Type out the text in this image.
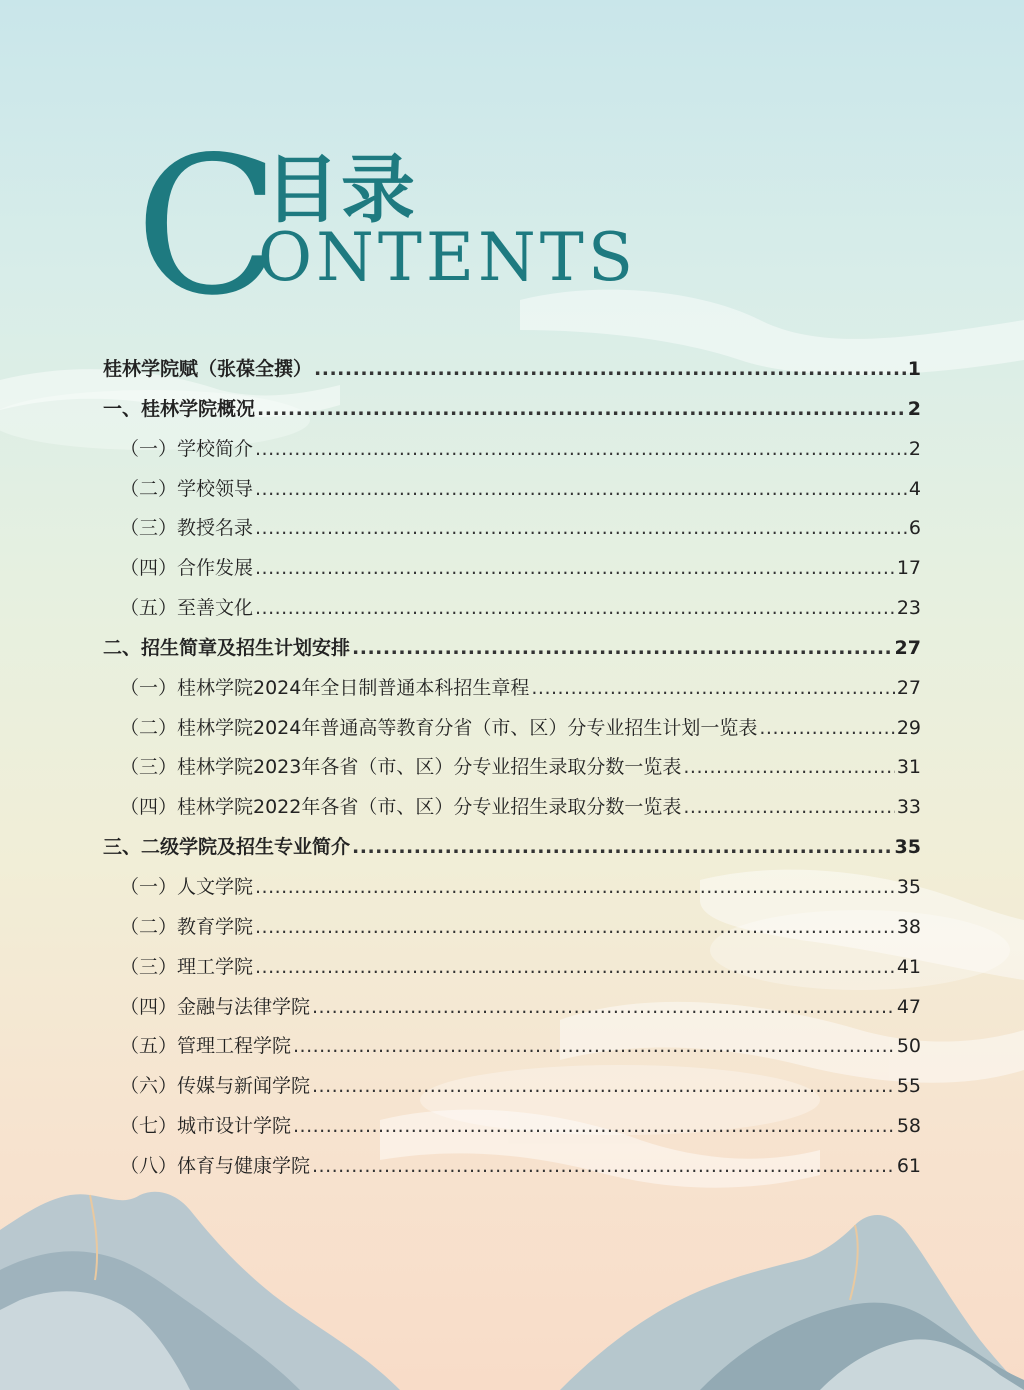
C
目录
ONTENTS
桂林学院赋（张葆全撰） .....	1
一、桂林学院概况 .....	2
（一）学校简介 .....	2
（二）学校领导 .....	4
（三）教授名录 .....	6
（四）合作发展 .....	17
（五）至善文化 .....	23
二、招生简章及招生计划安排 .....	27
（一）桂林学院2024年全日制普通本科招生章程 .....	27
（二）桂林学院2024年普通高等教育分省（市、区）分专业招生计划一览表 .....	29
（三）桂林学院2023年各省（市、区）分专业招生录取分数一览表 .....	31
（四）桂林学院2022年各省（市、区）分专业招生录取分数一览表 .....	33
三、二级学院及招生专业简介 .....	35
（一）人文学院 .....	35
（二）教育学院 .....	38
（三）理工学院 .....	41
（四）金融与法律学院 .....	47
（五）管理工程学院 .....	50
（六）传媒与新闻学院 .....	55
（七）城市设计学院 .....	58
（八）体育与健康学院 .....	61
